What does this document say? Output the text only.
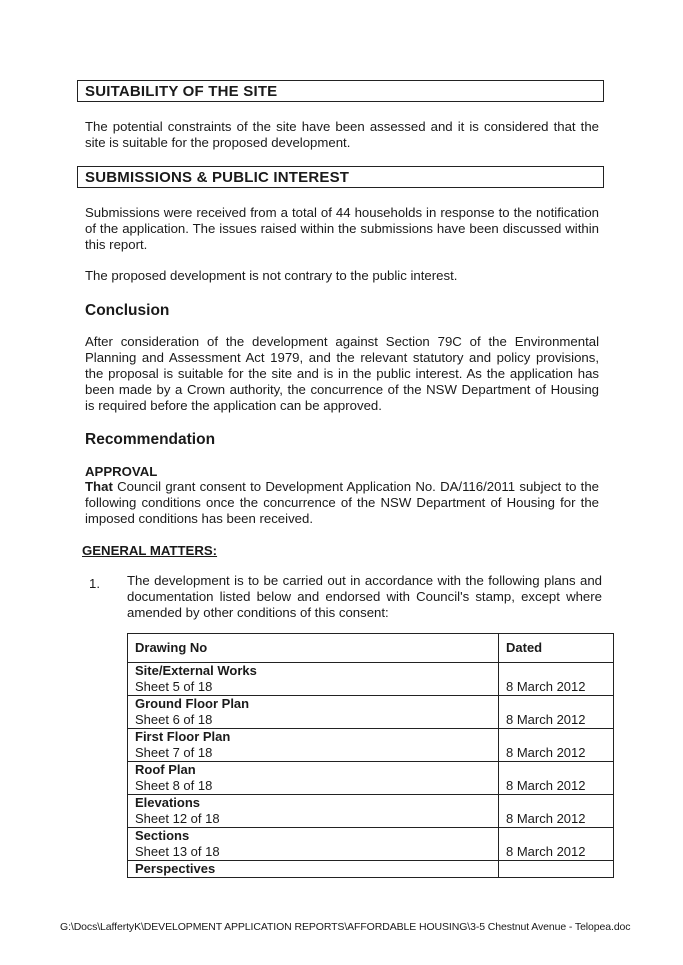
SUITABILITY OF THE SITE
The potential constraints of the site have been assessed and it is considered that the site is suitable for the proposed development.
SUBMISSIONS & PUBLIC INTEREST
Submissions were received from a total of 44 households in response to the notification of the application. The issues raised within the submissions have been discussed within this report.
The proposed development is not contrary to the public interest.
Conclusion
After consideration of the development against Section 79C of the Environmental Planning and Assessment Act 1979, and the relevant statutory and policy provisions, the proposal is suitable for the site and is in the public interest. As the application has been made by a Crown authority, the concurrence of the NSW Department of Housing is required before the application can be approved.
Recommendation
APPROVAL
That Council grant consent to Development Application No. DA/116/2011 subject to the following conditions once the concurrence of the NSW Department of Housing for the imposed conditions has been received.
GENERAL MATTERS:
1. The development is to be carried out in accordance with the following plans and documentation listed below and endorsed with Council's stamp, except where amended by other conditions of this consent:
Drawing No	Dated

Site/External Works
Sheet 5 of 18	8 March 2012

Ground Floor Plan
Sheet 6 of 18	8 March 2012

First Floor Plan
Sheet 7 of 18	8 March 2012

Roof Plan
Sheet 8 of 18	8 March 2012

Elevations
Sheet 12 of 18	8 March 2012

Sections
Sheet 13 of 18	8 March 2012

Perspectives	

G:\Docs\LaffertyK\DEVELOPMENT APPLICATION REPORTS\AFFORDABLE HOUSING\3-5 Chestnut Avenue - Telopea.doc
